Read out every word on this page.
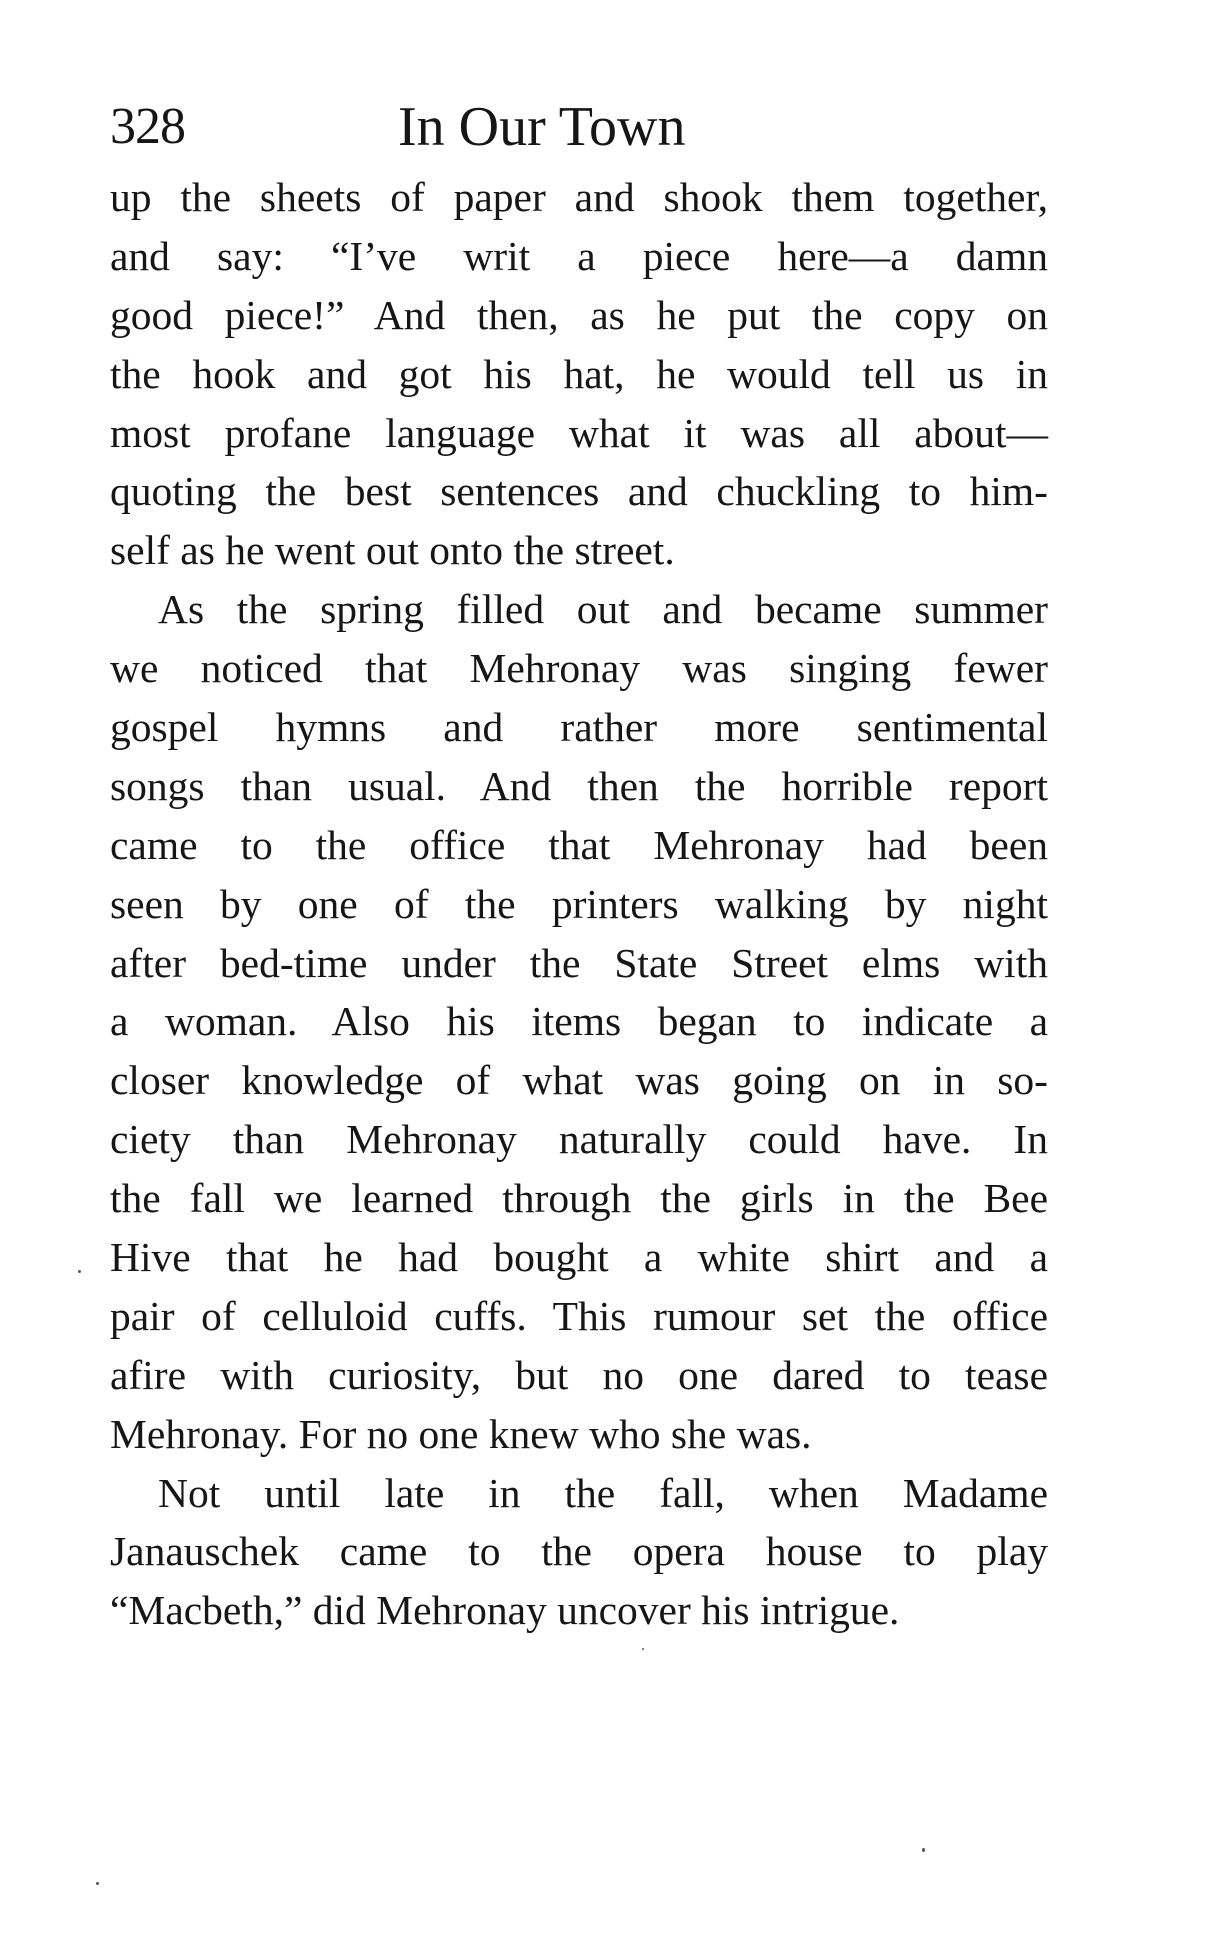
328	In Our Town
up the sheets of paper and shook them together,
and say: “I’ve writ a piece here—a damn
good piece!” And then, as he put the copy on
the hook and got his hat, he would tell us in
most profane language what it was all about—
quoting the best sentences and chuckling to him-
self as he went out onto the street.
As the spring filled out and became summer
we noticed that Mehronay was singing fewer
gospel hymns and rather more sentimental
songs than usual. And then the horrible report
came to the office that Mehronay had been
seen by one of the printers walking by night
after bed-time under the State Street elms with
a woman. Also his items began to indicate a
closer knowledge of what was going on in so-
ciety than Mehronay naturally could have. In
the fall we learned through the girls in the Bee
Hive that he had bought a white shirt and a
pair of celluloid cuffs. This rumour set the office
afire with curiosity, but no one dared to tease
Mehronay. For no one knew who she was.
Not until late in the fall, when Madame
Janauschek came to the opera house to play
“Macbeth,” did Mehronay uncover his intrigue.
